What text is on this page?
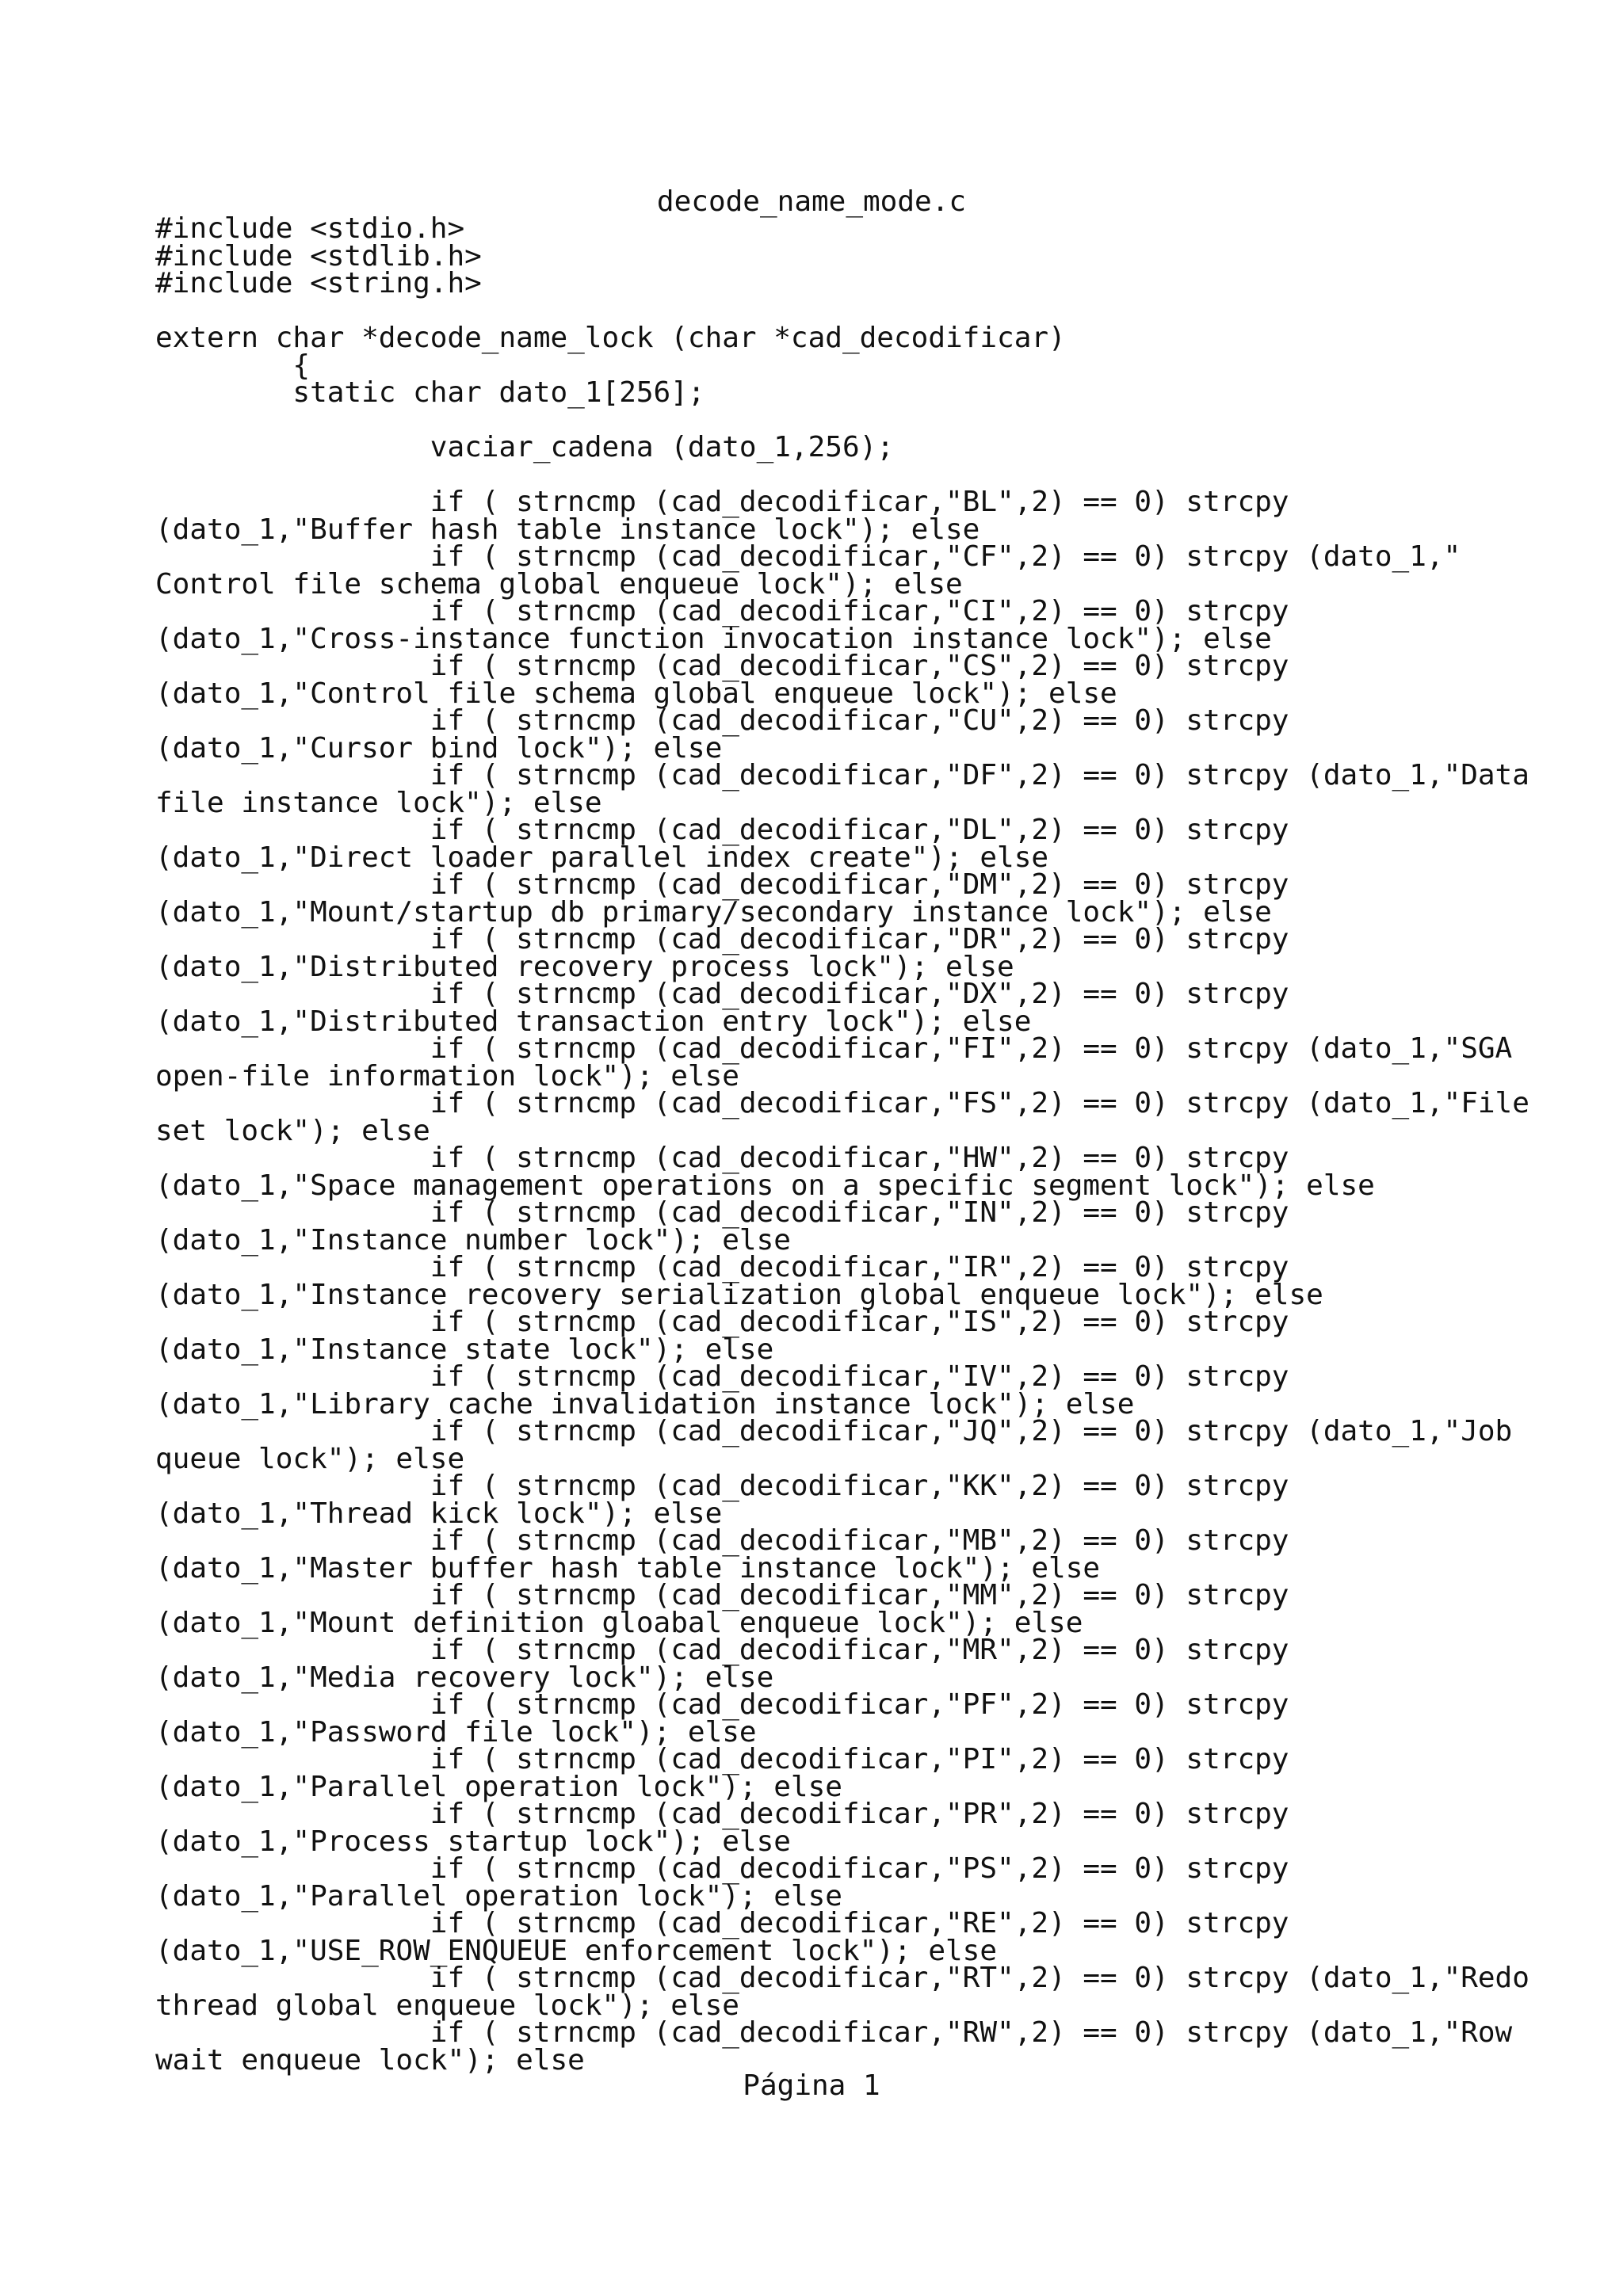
decode_name_mode.c
#include <stdio.h>
#include <stdlib.h>
#include <string.h>
extern char *decode_name_lock (char *cad_decodificar)
{
static char dato_1[256];
vaciar_cadena (dato_1,256);
if ( strncmp (cad_decodificar,"BL",2) == 0) strcpy
(dato_1,"Buffer hash table instance lock"); else
if ( strncmp (cad_decodificar,"CF",2) == 0) strcpy (dato_1,"
Control file schema global enqueue lock"); else
if ( strncmp (cad_decodificar,"CI",2) == 0) strcpy
(dato_1,"Cross-instance function invocation instance lock"); else
if ( strncmp (cad_decodificar,"CS",2) == 0) strcpy
(dato_1,"Control file schema global enqueue lock"); else
if ( strncmp (cad_decodificar,"CU",2) == 0) strcpy
(dato_1,"Cursor bind lock"); else
if ( strncmp (cad_decodificar,"DF",2) == 0) strcpy (dato_1,"Data
file instance lock"); else
if ( strncmp (cad_decodificar,"DL",2) == 0) strcpy
(dato_1,"Direct loader parallel index create"); else
if ( strncmp (cad_decodificar,"DM",2) == 0) strcpy
(dato_1,"Mount/startup db primary/secondary instance lock"); else
if ( strncmp (cad_decodificar,"DR",2) == 0) strcpy
(dato_1,"Distributed recovery process lock"); else
if ( strncmp (cad_decodificar,"DX",2) == 0) strcpy
(dato_1,"Distributed transaction entry lock"); else
if ( strncmp (cad_decodificar,"FI",2) == 0) strcpy (dato_1,"SGA
open-file information lock"); else
if ( strncmp (cad_decodificar,"FS",2) == 0) strcpy (dato_1,"File
set lock"); else
if ( strncmp (cad_decodificar,"HW",2) == 0) strcpy
(dato_1,"Space management operations on a specific segment lock"); else
if ( strncmp (cad_decodificar,"IN",2) == 0) strcpy
(dato_1,"Instance number lock"); else
if ( strncmp (cad_decodificar,"IR",2) == 0) strcpy
(dato_1,"Instance recovery serialization global enqueue lock"); else
if ( strncmp (cad_decodificar,"IS",2) == 0) strcpy
(dato_1,"Instance state lock"); else
if ( strncmp (cad_decodificar,"IV",2) == 0) strcpy
(dato_1,"Library cache invalidation instance lock"); else
if ( strncmp (cad_decodificar,"JQ",2) == 0) strcpy (dato_1,"Job
queue lock"); else
if ( strncmp (cad_decodificar,"KK",2) == 0) strcpy
(dato_1,"Thread kick lock"); else
if ( strncmp (cad_decodificar,"MB",2) == 0) strcpy
(dato_1,"Master buffer hash table instance lock"); else
if ( strncmp (cad_decodificar,"MM",2) == 0) strcpy
(dato_1,"Mount definition gloabal enqueue lock"); else
if ( strncmp (cad_decodificar,"MR",2) == 0) strcpy
(dato_1,"Media recovery lock"); else
if ( strncmp (cad_decodificar,"PF",2) == 0) strcpy
(dato_1,"Password file lock"); else
if ( strncmp (cad_decodificar,"PI",2) == 0) strcpy
(dato_1,"Parallel operation lock"); else
if ( strncmp (cad_decodificar,"PR",2) == 0) strcpy
(dato_1,"Process startup lock"); else
if ( strncmp (cad_decodificar,"PS",2) == 0) strcpy
(dato_1,"Parallel operation lock"); else
if ( strncmp (cad_decodificar,"RE",2) == 0) strcpy
(dato_1,"USE_ROW_ENQUEUE enforcement lock"); else
if ( strncmp (cad_decodificar,"RT",2) == 0) strcpy (dato_1,"Redo
thread global enqueue lock"); else
if ( strncmp (cad_decodificar,"RW",2) == 0) strcpy (dato_1,"Row
wait enqueue lock"); else
Página 1
